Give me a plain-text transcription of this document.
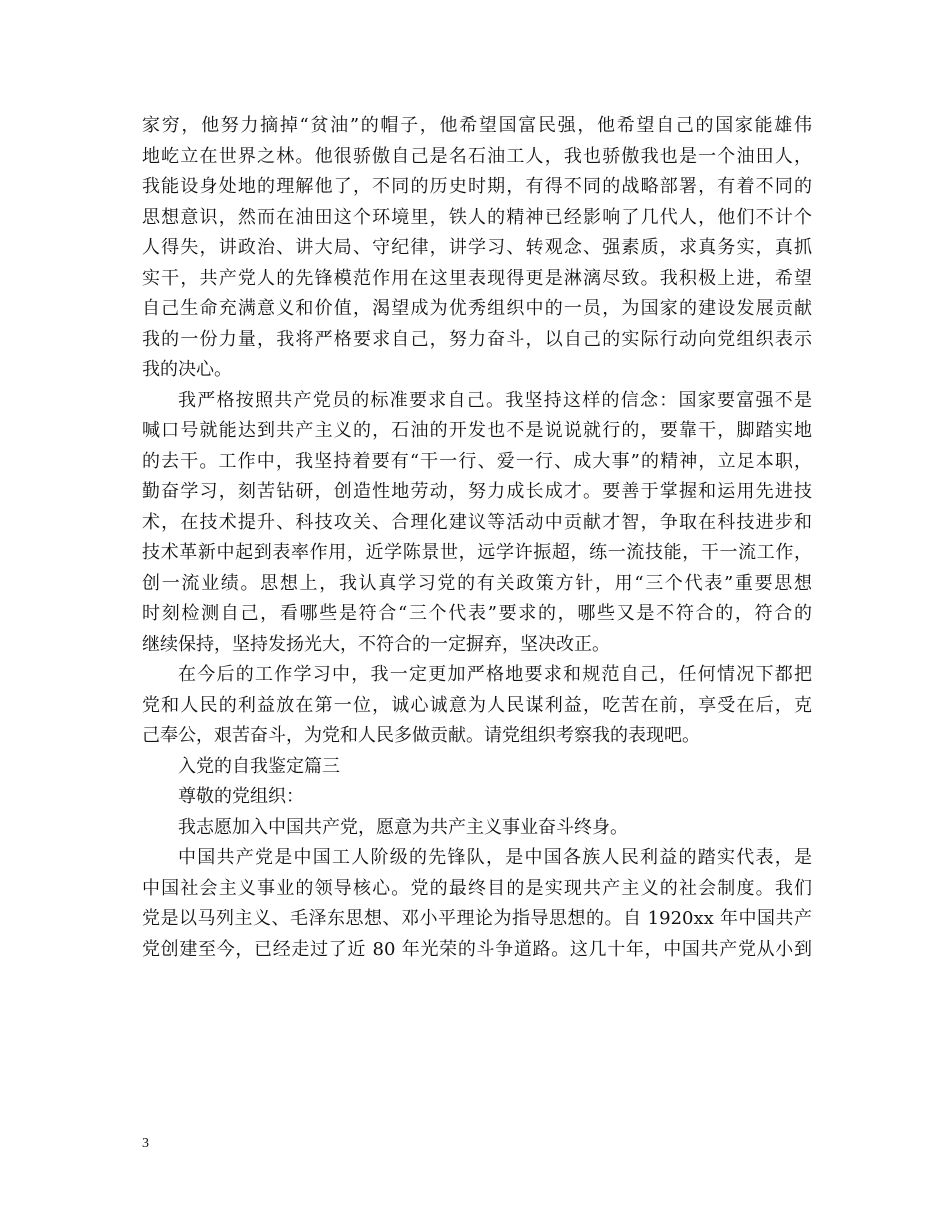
家穷，他努力摘掉“贫油”的帽子，他希望国富民强，他希望自己的国家能雄伟
地屹立在世界之林。他很骄傲自己是名石油工人，我也骄傲我也是一个油田人，
我能设身处地的理解他了，不同的历史时期，有得不同的战略部署，有着不同的
思想意识，然而在油田这个环境里，铁人的精神已经影响了几代人，他们不计个
人得失，讲政治、讲大局、守纪律，讲学习、转观念、强素质，求真务实，真抓
实干，共产党人的先锋模范作用在这里表现得更是淋漓尽致。我积极上进，希望
自己生命充满意义和价值，渴望成为优秀组织中的一员，为国家的建设发展贡献
我的一份力量，我将严格要求自己，努力奋斗，以自己的实际行动向党组织表示
我的决心。
我严格按照共产党员的标准要求自己。我坚持这样的信念：国家要富强不是
喊口号就能达到共产主义的，石油的开发也不是说说就行的，要靠干，脚踏实地
的去干。工作中，我坚持着要有“干一行、爱一行、成大事”的精神，立足本职，
勤奋学习，刻苦钻研，创造性地劳动，努力成长成才。要善于掌握和运用先进技
术，在技术提升、科技攻关、合理化建议等活动中贡献才智，争取在科技进步和
技术革新中起到表率作用，近学陈景世，远学许振超，练一流技能，干一流工作，
创一流业绩。思想上，我认真学习党的有关政策方针，用“三个代表”重要思想
时刻检测自己，看哪些是符合“三个代表”要求的，哪些又是不符合的，符合的
继续保持，坚持发扬光大，不符合的一定摒弃，坚决改正。
在今后的工作学习中，我一定更加严格地要求和规范自己，任何情况下都把
党和人民的利益放在第一位，诚心诚意为人民谋利益，吃苦在前，享受在后，克
己奉公，艰苦奋斗，为党和人民多做贡献。请党组织考察我的表现吧。
入党的自我鉴定篇三
尊敬的党组织：
我志愿加入中国共产党，愿意为共产主义事业奋斗终身。
中国共产党是中国工人阶级的先锋队，是中国各族人民利益的踏实代表，是
中国社会主义事业的领导核心。党的最终目的是实现共产主义的社会制度。我们
党是以马列主义、毛泽东思想、邓小平理论为指导思想的。自 1920xx 年中国共产
党创建至今，已经走过了近 80 年光荣的斗争道路。这几十年，中国共产党从小到
3
